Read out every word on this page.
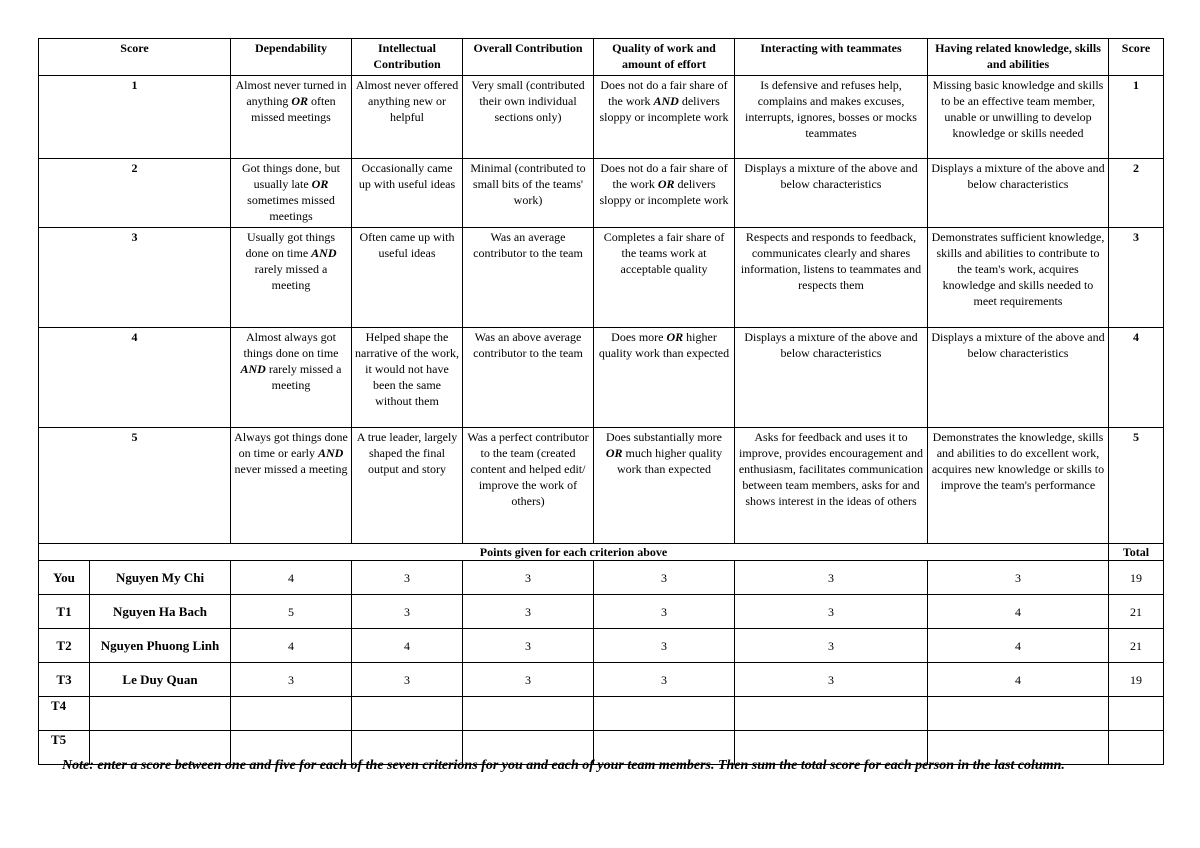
Score		Dependability	Intellectual Contribution	Overall Contribution	Quality of work and amount of effort	Interacting with teammates	Having related knowledge, skills and abilities	Score
1		Almost never turned in anything OR often missed meetings	Almost never offered anything new or helpful	Very small (contributed their own individual sections only)	Does not do a fair share of the work AND delivers sloppy or incomplete work	Is defensive and refuses help, complains and makes excuses, interrupts, ignores, bosses or mocks teammates	Missing basic knowledge and skills to be an effective team member, unable or unwilling to develop knowledge or skills needed	1
2		Got things done, but usually late OR sometimes missed meetings	Occasionally came up with useful ideas	Minimal (contributed to small bits of the teams' work)	Does not do a fair share of the work OR delivers sloppy or incomplete work	Displays a mixture of the above and below characteristics	Displays a mixture of the above and below characteristics	2
3		Usually got things done on time AND rarely missed a meeting	Often came up with useful ideas	Was an average contributor to the team	Completes a fair share of the teams work at acceptable quality	Respects and responds to feedback, communicates clearly and shares information, listens to teammates and respects them	Demonstrates sufficient knowledge, skills and abilities to contribute to the team's work, acquires knowledge and skills needed to meet requirements	3
4		Almost always got things done on time AND rarely missed a meeting	Helped shape the narrative of the work, it would not have been the same without them	Was an above average contributor to the team	Does more OR higher quality work than expected	Displays a mixture of the above and below characteristics	Displays a mixture of the above and below characteristics	4
5		Always got things done on time or early AND never missed a meeting	A true leader, largely shaped the final output and story	Was a perfect contributor to the team (created content and helped edit/ improve the work of others)	Does substantially more OR much higher quality work than expected	Asks for feedback and uses it to improve, provides encouragement and enthusiasm, facilitates communication between team members, asks for and shows interest in the ideas of others	Demonstrates the knowledge, skills and abilities to do excellent work, acquires new knowledge or skills to improve the team's performance	5
Points given for each criterion above								Total
You	Nguyen My Chi	4	3	3	3	3	3	19
T1	Nguyen Ha Bach	5	3	3	3	3	4	21
T2	Nguyen Phuong Linh	4	4	3	3	3	4	21
T3	Le Duy Quan	3	3	3	3	3	4	19
T4								
T5								
Note: enter a score between one and five for each of the seven criterions for you and each of your team members. Then sum the total score for each person in the last column.
